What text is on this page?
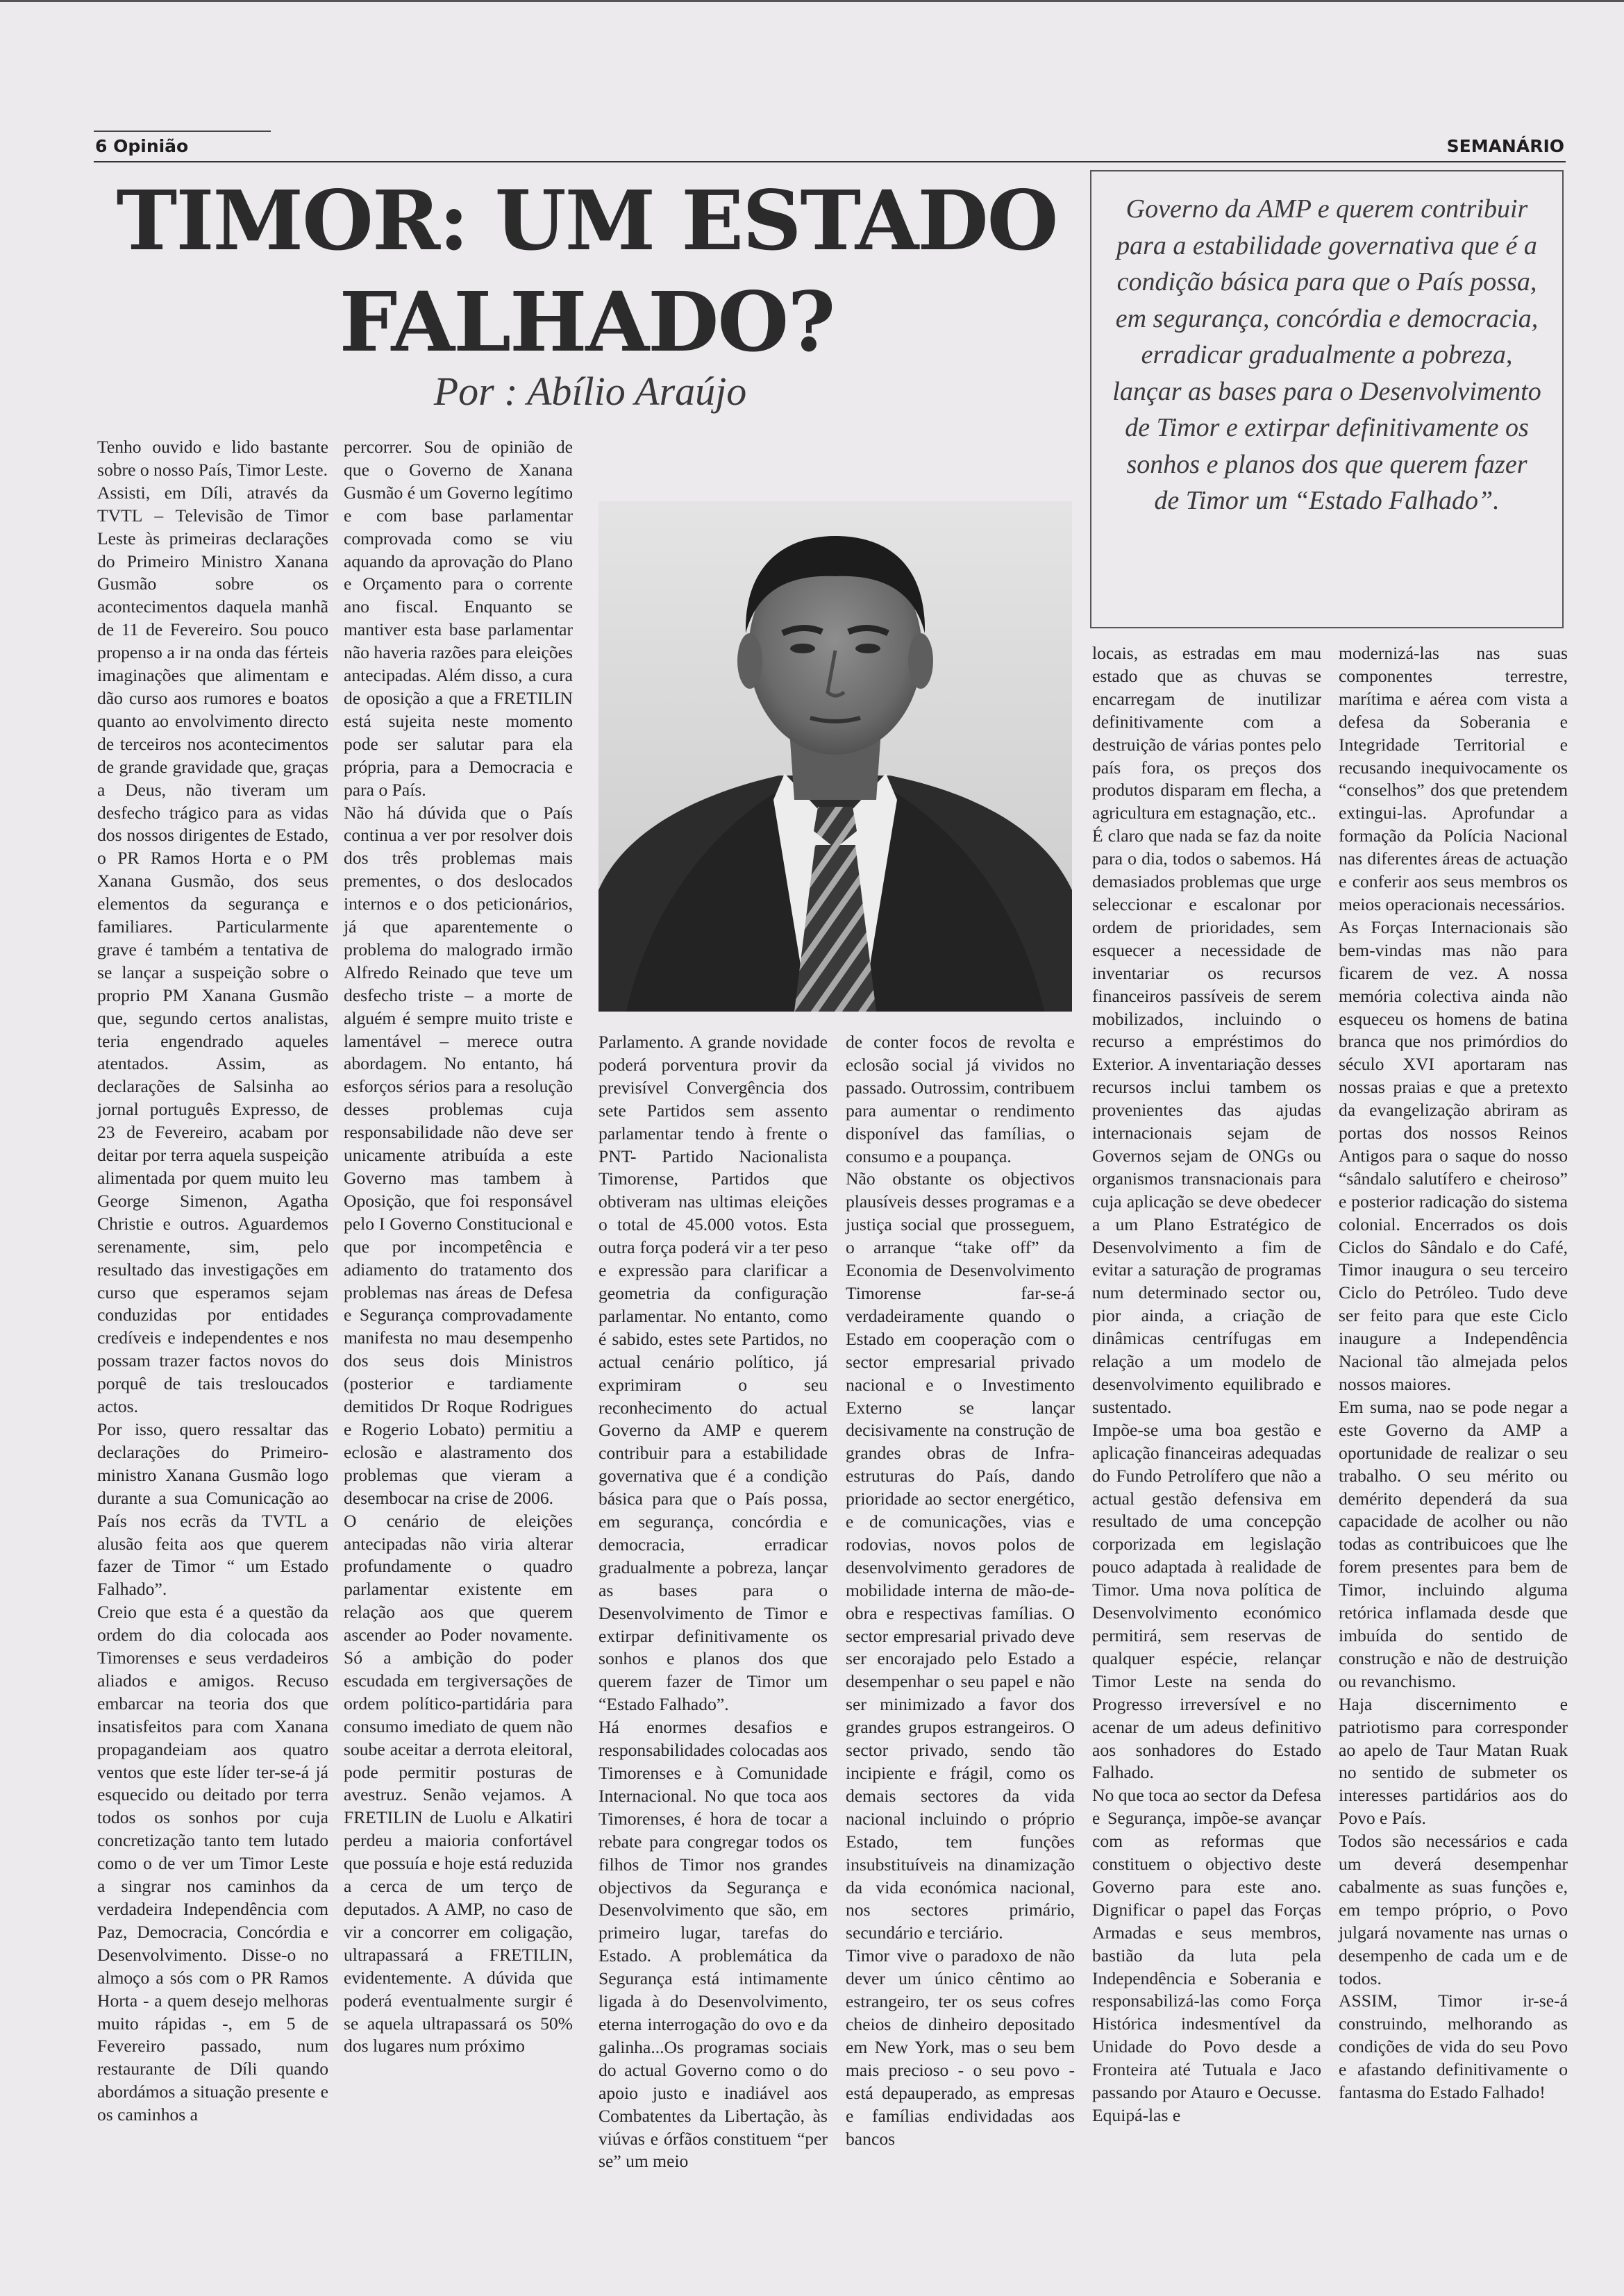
6 Opinião	SEMANÁRIO
TIMOR: UM ESTADO
FALHADO?
Por : Abílio Araújo
Governo da AMP e querem contribuir para a estabilidade governativa que é a condição básica para que o País possa, em segurança, concórdia e democracia, erradicar gradualmente a pobreza, lançar as bases para o Desenvolvimento de Timor e extirpar definitivamente os sonhos e planos dos que querem fazer de Timor um “Estado Falhado”.

Tenho ouvido e lido bastante sobre o nosso País, Timor Leste.

Assisti, em Díli, através da TVTL – Televisão de Timor Leste às primeiras declarações do Primeiro Ministro Xanana Gusmão sobre os acontecimentos daquela manhã de 11 de Fevereiro. Sou pouco propenso a ir na onda das férteis imaginações que alimentam e dão curso aos rumores e boatos quanto ao envolvimento directo de terceiros nos acontecimentos de grande gravidade que, graças a Deus, não tiveram um desfecho trágico para as vidas dos nossos dirigentes de Estado, o PR Ramos Horta e o PM Xanana Gusmão, dos seus elementos da segurança e familiares. Particularmente grave é também a tentativa de se lançar a suspeição sobre o proprio PM Xanana Gusmão que, segundo certos analistas, teria engendrado aqueles atentados. Assim, as declarações de Salsinha ao jornal português Expresso, de 23 de Fevereiro, acabam por deitar por terra aquela suspeição alimentada por quem muito leu George Simenon, Agatha Christie e outros. Aguardemos serenamente, sim, pelo resultado das investigações em curso que esperamos sejam conduzidas por entidades credíveis e independentes e nos possam trazer factos novos do porquê de tais tresloucados actos.

Por isso, quero ressaltar das declarações do Primeiro-ministro Xanana Gusmão logo durante a sua Comunicação ao País nos ecrãs da TVTL a alusão feita aos que querem fazer de Timor “ um Estado Falhado”.

Creio que esta é a questão da ordem do dia colocada aos Timorenses e seus verdadeiros aliados e amigos. Recuso embarcar na teoria dos que insatisfeitos para com Xanana propagandeiam aos quatro ventos que este líder ter-se-á já esquecido ou deitado por terra todos os sonhos por cuja concretização tanto tem lutado como o de ver um Timor Leste a singrar nos caminhos da verdadeira Independência com Paz, Democracia, Concórdia e Desenvolvimento. Disse-o no almoço a sós com o PR Ramos Horta - a quem desejo melhoras muito rápidas -, em 5 de Fevereiro passado, num restaurante de Díli quando abordámos a situação presente e os caminhos a

percorrer. Sou de opinião de que o Governo de Xanana Gusmão é um Governo legítimo e com base parlamentar comprovada como se viu aquando da aprovação do Plano e Orçamento para o corrente ano fiscal. Enquanto se mantiver esta base parlamentar não haveria razões para eleições antecipadas. Além disso, a cura de oposição a que a FRETILIN está sujeita neste momento pode ser salutar para ela própria, para a Democracia e para o País.

Não há dúvida que o País continua a ver por resolver dois dos três problemas mais prementes, o dos deslocados internos e o dos peticionários, já que aparentemente o problema do malogrado irmão Alfredo Reinado que teve um desfecho triste – a morte de alguém é sempre muito triste e lamentável – merece outra abordagem. No entanto, há esforços sérios para a resolução desses problemas cuja responsabilidade não deve ser unicamente atribuída a este Governo mas tambem à Oposição, que foi responsável pelo I Governo Constitucional e que por incompetência e adiamento do tratamento dos problemas nas áreas de Defesa e Segurança comprovadamente manifesta no mau desempenho dos seus dois Ministros (posterior e tardiamente demitidos Dr Roque Rodrigues e Rogerio Lobato) permitiu a eclosão e alastramento dos problemas que vieram a desembocar na crise de 2006.

O cenário de eleições antecipadas não viria alterar profundamente o quadro parlamentar existente em relação aos que querem ascender ao Poder novamente. Só a ambição do poder escudada em tergiversações de ordem político-partidária para consumo imediato de quem não soube aceitar a derrota eleitoral, pode permitir posturas de avestruz. Senão vejamos. A FRETILIN de Luolu e Alkatiri perdeu a maioria confortável que possuía e hoje está reduzida a cerca de um terço de deputados. A AMP, no caso de vir a concorrer em coligação, ultrapassará a FRETILIN, evidentemente. A dúvida que poderá eventualmente surgir é se aquela ultrapassará os 50% dos lugares num próximo

Parlamento. A grande novidade poderá porventura provir da previsível Convergência dos sete Partidos sem assento parlamentar tendo à frente o PNT- Partido Nacionalista Timorense, Partidos que obtiveram nas ultimas eleições o total de 45.000 votos. Esta outra força poderá vir a ter peso e expressão para clarificar a geometria da configuração parlamentar. No entanto, como é sabido, estes sete Partidos, no actual cenário político, já exprimiram o seu reconhecimento do actual Governo da AMP e querem contribuir para a estabilidade governativa que é a condição básica para que o País possa, em segurança, concórdia e democracia, erradicar gradualmente a pobreza, lançar as bases para o Desenvolvimento de Timor e extirpar definitivamente os sonhos e planos dos que querem fazer de Timor um “Estado Falhado”.

Há enormes desafios e responsabilidades colocadas aos Timorenses e à Comunidade Internacional. No que toca aos Timorenses, é hora de tocar a rebate para congregar todos os filhos de Timor nos grandes objectivos da Segurança e Desenvolvimento que são, em primeiro lugar, tarefas do Estado. A problemática da Segurança está intimamente ligada à do Desenvolvimento, eterna interrogação do ovo e da galinha...Os programas sociais do actual Governo como o do apoio justo e inadiável aos Combatentes da Libertação, às viúvas e órfãos constituem “per se” um meio

de conter focos de revolta e eclosão social já vividos no passado. Outrossim, contribuem para aumentar o rendimento disponível das famílias, o consumo e a poupança.

Não obstante os objectivos plausíveis desses programas e a justiça social que prosseguem, o arranque “take off” da Economia de Desenvolvimento Timorense far-se-á verdadeiramente quando o Estado em cooperação com o sector empresarial privado nacional e o Investimento Externo se lançar decisivamente na construção de grandes obras de Infra-estruturas do País, dando prioridade ao sector energético, e de comunicações, vias e rodovias, novos polos de desenvolvimento geradores de mobilidade interna de mão-de-obra e respectivas famílias. O sector empresarial privado deve ser encorajado pelo Estado a desempenhar o seu papel e não ser minimizado a favor dos grandes grupos estrangeiros. O sector privado, sendo tão incipiente e frágil, como os demais sectores da vida nacional incluindo o próprio Estado, tem funções insubstituíveis na dinamização da vida económica nacional, nos sectores primário, secundário e terciário.

Timor vive o paradoxo de não dever um único cêntimo ao estrangeiro, ter os seus cofres cheios de dinheiro depositado em New York, mas o seu bem mais precioso - o seu povo - está depauperado, as empresas e famílias endividadas aos bancos

locais, as estradas em mau estado que as chuvas se encarregam de inutilizar definitivamente com a destruição de várias pontes pelo país fora, os preços dos produtos disparam em flecha, a agricultura em estagnação, etc..

É claro que nada se faz da noite para o dia, todos o sabemos. Há demasiados problemas que urge seleccionar e escalonar por ordem de prioridades, sem esquecer a necessidade de inventariar os recursos financeiros passíveis de serem mobilizados, incluindo o recurso a empréstimos do Exterior. A inventariação desses recursos inclui tambem os provenientes das ajudas internacionais sejam de Governos sejam de ONGs ou organismos transnacionais para cuja aplicação se deve obedecer a um Plano Estratégico de Desenvolvimento a fim de evitar a saturação de programas num determinado sector ou, pior ainda, a criação de dinâmicas centrífugas em relação a um modelo de desenvolvimento equilibrado e sustentado.

Impõe-se uma boa gestão e aplicação financeiras adequadas do Fundo Petrolífero que não a actual gestão defensiva em resultado de uma concepção corporizada em legislação pouco adaptada à realidade de Timor. Uma nova política de Desenvolvimento económico permitirá, sem reservas de qualquer espécie, relançar Timor Leste na senda do Progresso irreversível e no acenar de um adeus definitivo aos sonhadores do Estado Falhado.

No que toca ao sector da Defesa e Segurança, impõe-se avançar com as reformas que constituem o objectivo deste Governo para este ano. Dignificar o papel das Forças Armadas e seus membros, bastião da luta pela Independência e Soberania e responsabilizá-las como Força Histórica indesmentível da Unidade do Povo desde a Fronteira até Tutuala e Jaco passando por Atauro e Oecusse. Equipá-las e

modernizá-las nas suas componentes terrestre, marítima e aérea com vista a defesa da Soberania e Integridade Territorial e recusando inequivocamente os “conselhos” dos que pretendem extingui-las. Aprofundar a formação da Polícia Nacional nas diferentes áreas de actuação e conferir aos seus membros os meios operacionais necessários.

As Forças Internacionais são bem-vindas mas não para ficarem de vez. A nossa memória colectiva ainda não esqueceu os homens de batina branca que nos primórdios do século XVI aportaram nas nossas praias e que a pretexto da evangelização abriram as portas dos nossos Reinos Antigos para o saque do nosso “sândalo salutífero e cheiroso” e posterior radicação do sistema colonial. Encerrados os dois Ciclos do Sândalo e do Café, Timor inaugura o seu terceiro Ciclo do Petróleo. Tudo deve ser feito para que este Ciclo inaugure a Independência Nacional tão almejada pelos nossos maiores.

Em suma, nao se pode negar a este Governo da AMP a oportunidade de realizar o seu trabalho. O seu mérito ou demérito dependerá da sua capacidade de acolher ou não todas as contribuicoes que lhe forem presentes para bem de Timor, incluindo alguma retórica inflamada desde que imbuída do sentido de construção e não de destruição ou revanchismo.

Haja discernimento e patriotismo para corresponder ao apelo de Taur Matan Ruak no sentido de submeter os interesses partidários aos do Povo e País.

Todos são necessários e cada um deverá desempenhar cabalmente as suas funções e, em tempo próprio, o Povo julgará novamente nas urnas o desempenho de cada um e de todos.

ASSIM, Timor ir-se-á construindo, melhorando as condições de vida do seu Povo e afastando definitivamente o fantasma do Estado Falhado!
